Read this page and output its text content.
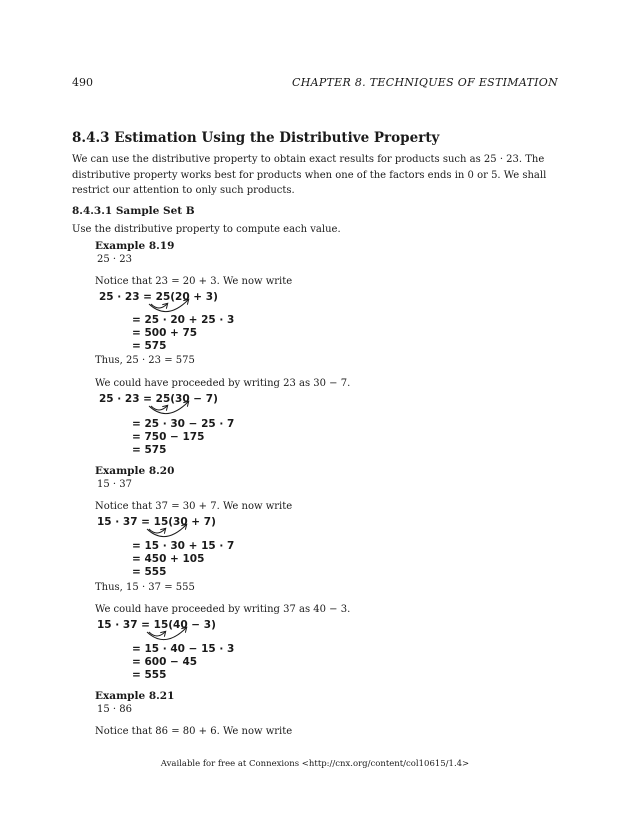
490	CHAPTER 8. TECHNIQUES OF ESTIMATION
8.4.3 Estimation Using the Distributive Property
We can use the distributive property to obtain exact results for products such as 25 · 23. The distributive property works best for products when one of the factors ends in 0 or 5. We shall restrict our attention to only such products.
8.4.3.1 Sample Set B
Use the distributive property to compute each value.
Example 8.19
25 · 23
Notice that 23 = 20 + 3. We now write
25 · 23 = 25(20 + 3)
= 25 · 20 + 25 · 3
= 500 + 75
= 575
Thus, 25 · 23 = 575
We could have proceeded by writing 23 as 30 − 7.
25 · 23 = 25(30 − 7)
= 25 · 30 − 25 · 7
= 750 − 175
= 575
Example 8.20
15 · 37
Notice that 37 = 30 + 7. We now write
15 · 37 = 15(30 + 7)
= 15 · 30 + 15 · 7
= 450 + 105
= 555
Thus, 15 · 37 = 555
We could have proceeded by writing 37 as 40 − 3.
15 · 37 = 15(40 − 3)
= 15 · 40 − 15 · 3
= 600 − 45
= 555
Example 8.21
15 · 86
Notice that 86 = 80 + 6. We now write
Available for free at Connexions <http://cnx.org/content/col10615/1.4>
